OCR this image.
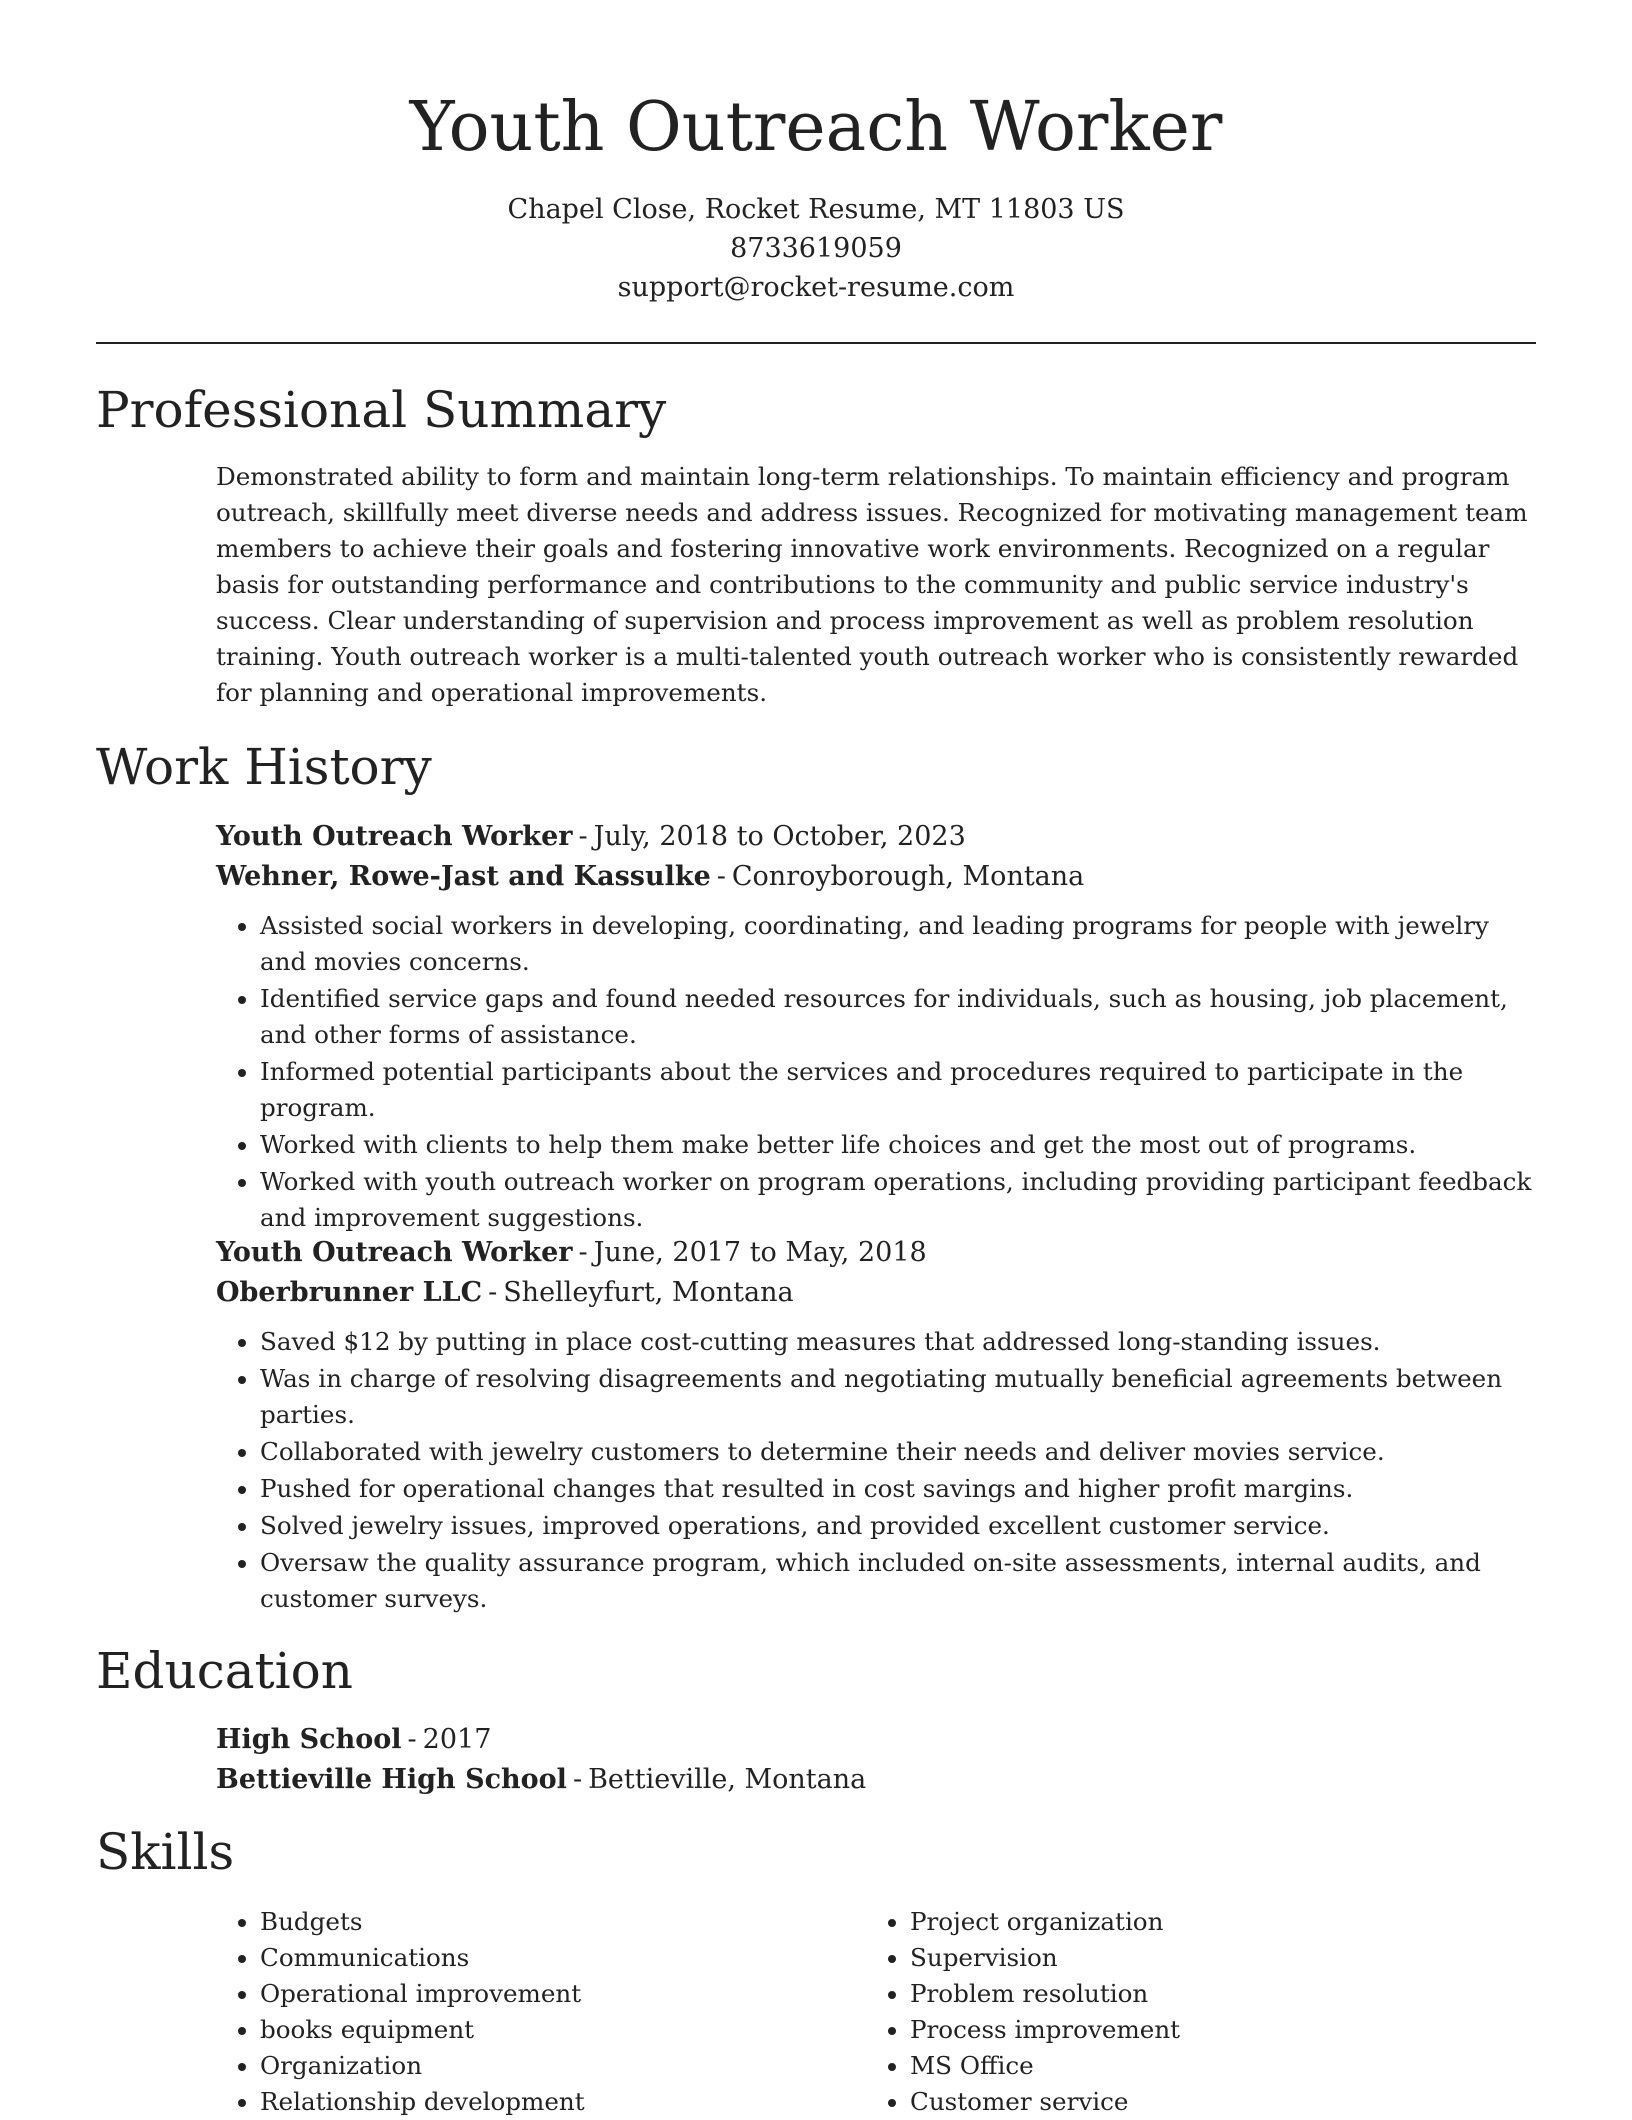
Youth Outreach Worker
Chapel Close, Rocket Resume, MT 11803 US
8733619059
support@rocket-resume.com
Professional Summary

Demonstrated ability to form and maintain long-term relationships. To maintain efficiency and program outreach, skillfully meet diverse needs and address issues. Recognized for motivating management team members to achieve their goals and fostering innovative work environments. Recognized on a regular basis for outstanding performance and contributions to the community and public service industry's success. Clear understanding of supervision and process improvement as well as problem resolution training. Youth outreach worker is a multi-talented youth outreach worker who is consistently rewarded for planning and operational improvements.

Work History
Youth Outreach Worker - July, 2018 to October, 2023
Wehner, Rowe-Jast and Kassulke - Conroyborough, Montana
• Assisted social workers in developing, coordinating, and leading programs for people with jewelry and movies concerns.
• Identified service gaps and found needed resources for individuals, such as housing, job placement, and other forms of assistance.
• Informed potential participants about the services and procedures required to participate in the program.
• Worked with clients to help them make better life choices and get the most out of programs.
• Worked with youth outreach worker on program operations, including providing participant feedback and improvement suggestions.
Youth Outreach Worker - June, 2017 to May, 2018
Oberbrunner LLC - Shelleyfurt, Montana
• Saved $12 by putting in place cost-cutting measures that addressed long-standing issues.
• Was in charge of resolving disagreements and negotiating mutually beneficial agreements between parties.
• Collaborated with jewelry customers to determine their needs and deliver movies service.
• Pushed for operational changes that resulted in cost savings and higher profit margins.
• Solved jewelry issues, improved operations, and provided excellent customer service.
• Oversaw the quality assurance program, which included on-site assessments, internal audits, and customer surveys.
Education
High School - 2017
Bettieville High School - Bettieville, Montana
Skills
• Budgets
• Communications
• Operational improvement
• books equipment
• Organization
• Relationship development
• Project organization
• Supervision
• Problem resolution
• Process improvement
• MS Office
• Customer service
